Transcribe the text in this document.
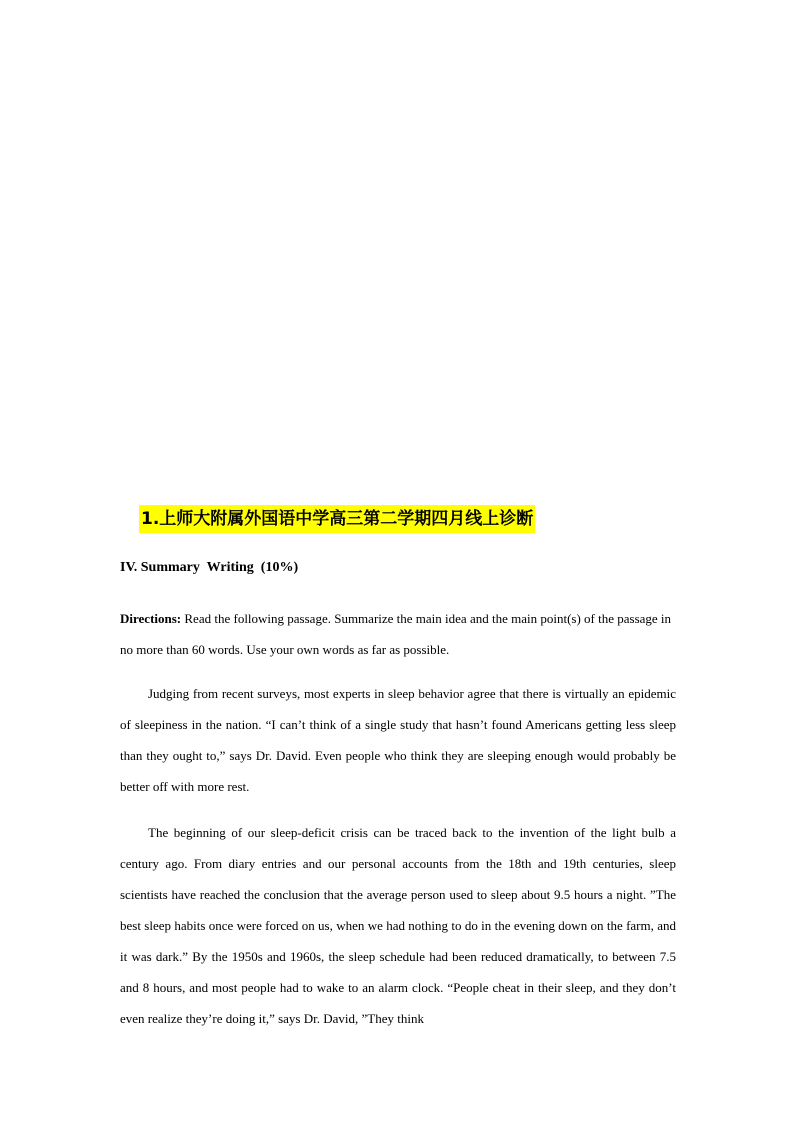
1.上师大附属外国语中学高三第二学期四月线上诊断
IV. Summary  Writing  (10%)
Directions: Read the following passage. Summarize the main idea and the main point(s) of the passage in no more than 60 words. Use your own words as far as possible.

Judging from recent surveys, most experts in sleep behavior agree that there is virtually an epidemic of sleepiness in the nation. “I can’t think of a single study that hasn’t found Americans getting less sleep than they ought to,” says Dr. David. Even people who think they are sleeping enough would probably be better off with more rest.

The beginning of our sleep-deficit crisis can be traced back to the invention of the light bulb a century ago. From diary entries and our personal accounts from the 18th and 19th centuries, sleep scientists have reached the conclusion that the average person used to sleep about 9.5 hours a night. ”The best sleep habits once were forced on us, when we had nothing to do in the evening down on the farm, and it was dark.” By the 1950s and 1960s, the sleep schedule had been reduced dramatically, to between 7.5 and 8 hours, and most people had to wake to an alarm clock. “People cheat in their sleep, and they don’t even realize they’re doing it,” says Dr. David, ”They think
